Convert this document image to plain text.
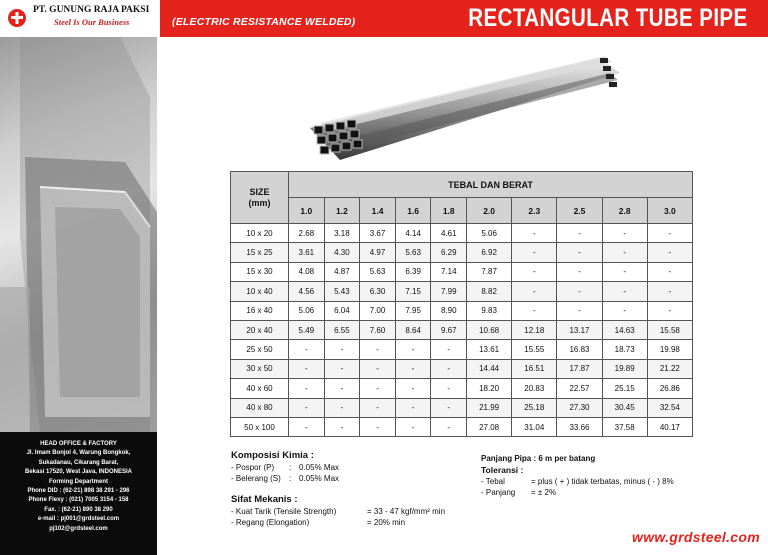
PT. GUNUNG RAJA PAKSI
Steel Is Our Business	(ELECTRIC RESISTANCE WELDED)	RECTANGULAR TUBE PIPE
HEAD OFFICE & FACTORY
Jl. Imam Bonjol 4, Warung Bongkok,
Sukadanau, Cikarang Barat,
Bekasi 17520, West Java, INDONESIA
Forming Department
Phone DID : (62-21) 898 38 291 - 296
Phone Flexy : (021) 7005 3154 - 158
Fax. : (62-21) 890 38 290
e-mail : pj001@grdsteel.com
pj102@grdsteel.com
SIZE
(mm)	TEBAL DAN BERAT									
	1.0	1.2	1.4	1.6	1.8	2.0	2.3	2.5	2.8	3.0
10 x 20	2.68	3.18	3.67	4.14	4.61	5.06	-	-	-	-
15 x 25	3.61	4.30	4.97	5.63	6.29	6.92	-	-	-	-
15 x 30	4.08	4.87	5.63	6.39	7.14	7.87	-	-	-	-
10 x 40	4.56	5.43	6.30	7.15	7.99	8.82	-	-	-	-
16 x 40	5.06	6.04	7.00	7.95	8.90	9.83	-	-	-	-
20 x 40	5.49	6.55	7.60	8.64	9.67	10.68	12.18	13.17	14.63	15.58
25 x 50	-	-	-	-	-	13.61	15.55	16.83	18.73	19.98
30 x 50	-	-	-	-	-	14.44	16.51	17.87	19.89	21.22
40 x 60	-	-	-	-	-	18.20	20.83	22.57	25.15	26.86
40 x 80	-	-	-	-	-	21.99	25.18	27.30	30.45	32.54
50 x 100	-	-	-	-	-	27.08	31.04	33.66	37.58	40.17
Komposisi Kimia :
- Pospor (P)	: 0.05% Max
- Belerang (S)	: 0.05% Max
Sifat Mekanis :
- Kuat Tarik (Tensile Strength)	= 33 - 47 kgf/mm² min
- Regang (Elongation)	= 20% min
Panjang Pipa : 6 m per batang
Toleransi :
- Tebal	= plus ( + ) tidak terbatas, minus ( - ) 8%
- Panjang	= ± 2%
www.grdsteel.com
